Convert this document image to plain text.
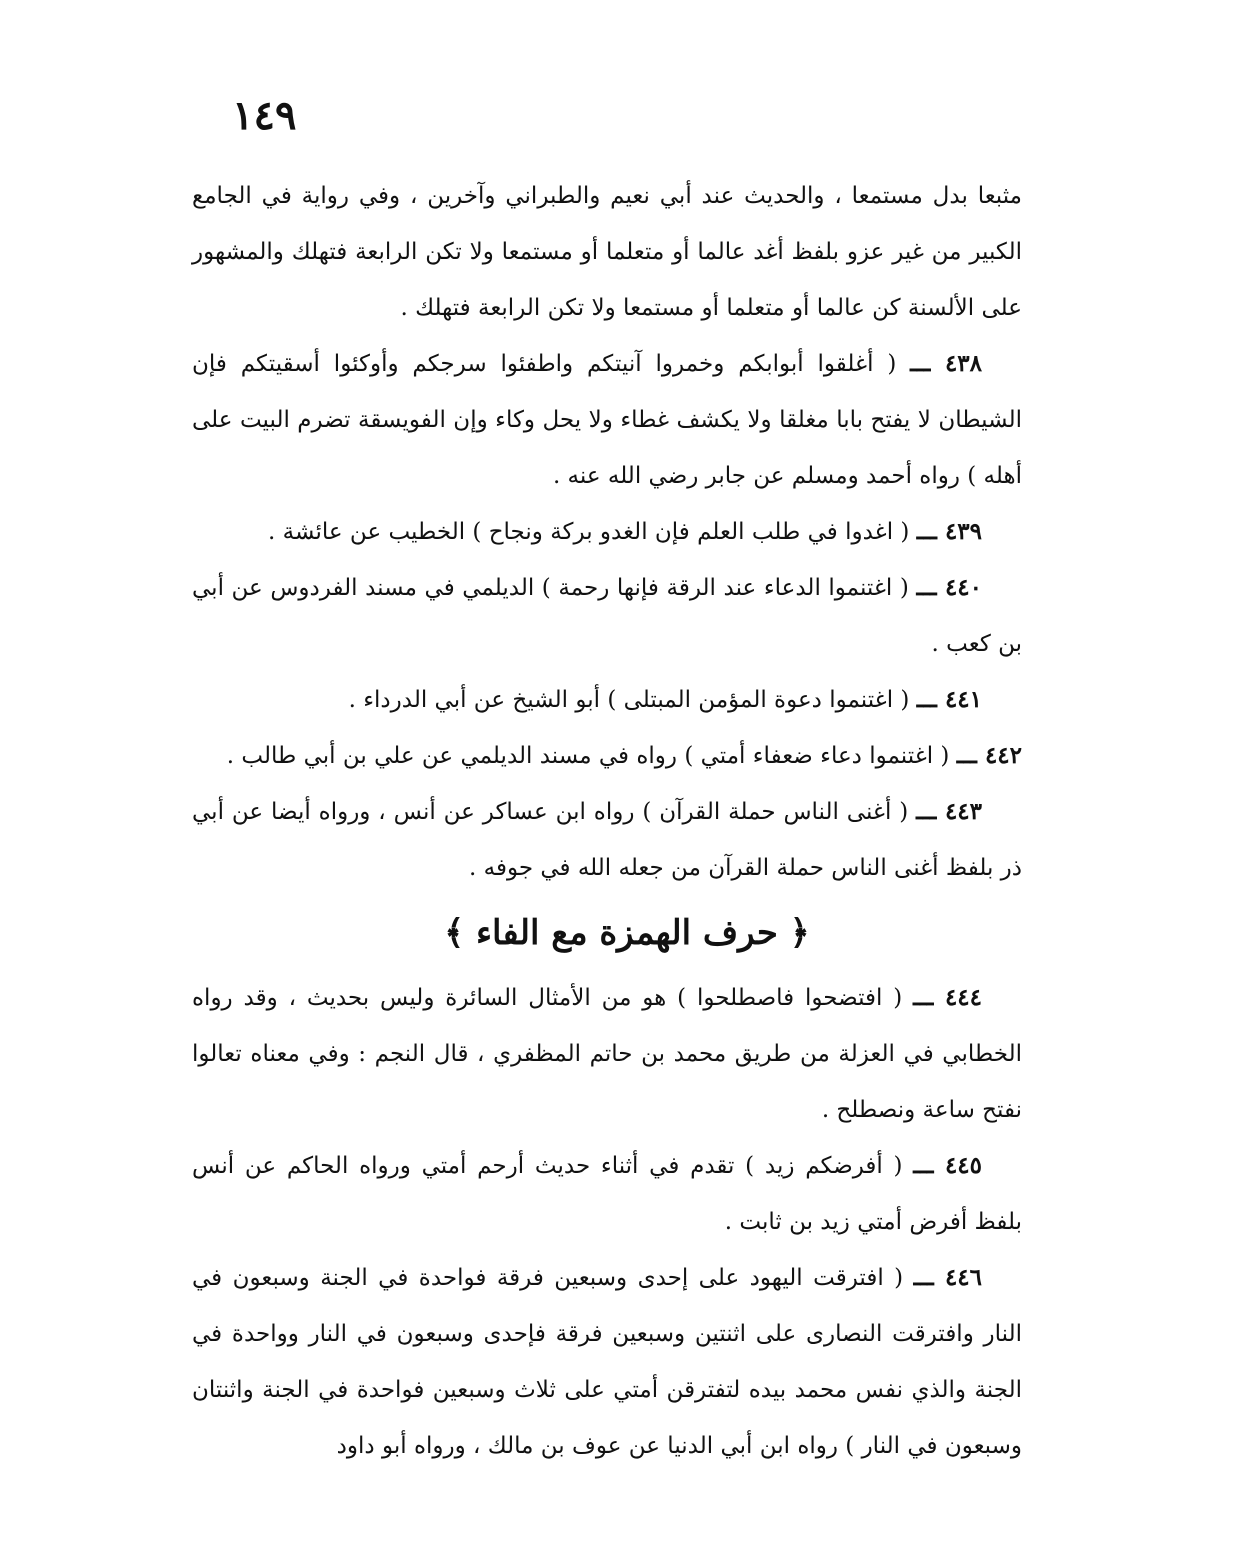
١٤٩

مثبعا بدل مستمعا ، والحديث عند أبي نعيم والطبراني وآخرين ، وفي رواية في الجامع الكبير من غير عزو بلفظ أغد عالما أو متعلما أو مستمعا ولا تكن الرابعة فتهلك والمشهور على الألسنة كن عالما أو متعلما أو مستمعا ولا تكن الرابعة فتهلك .

٤٣٨ ـــ ( أغلقوا أبوابكم وخمروا آنيتكم واطفئوا سرجكم وأوكئوا أسقيتكم فإن الشيطان لا يفتح بابا مغلقا ولا يكشف غطاء ولا يحل وكاء وإن الفويسقة تضرم البيت على أهله ) رواه أحمد ومسلم عن جابر رضي الله عنه .

٤٣٩ ـــ ( اغدوا في طلب العلم فإن الغدو بركة ونجاح ) الخطيب عن عائشة .

٤٤٠ ـــ ( اغتنموا الدعاء عند الرقة فإنها رحمة ) الديلمي في مسند الفردوس عن أبي بن كعب .

٤٤١ ـــ ( اغتنموا دعوة المؤمن المبتلى ) أبو الشيخ عن أبي الدرداء .

٤٤٢ ـــ ( اغتنموا دعاء ضعفاء أمتي ) رواه في مسند الديلمي عن علي بن أبي طالب .

٤٤٣ ـــ ( أغنى الناس حملة القرآن ) رواه ابن عساكر عن أنس ، ورواه أيضا عن أبي ذر بلفظ أغنى الناس حملة القرآن من جعله الله في جوفه .

﴿ حرف الهمزة مع الفاء ﴾

٤٤٤ ـــ ( افتضحوا فاصطلحوا ) هو من الأمثال السائرة وليس بحديث ، وقد رواه الخطابي في العزلة من طريق محمد بن حاتم المظفري ، قال النجم : وفي معناه تعالوا نفتح ساعة ونصطلح .

٤٤٥ ـــ ( أفرضكم زيد ) تقدم في أثناء حديث أرحم أمتي ورواه الحاكم عن أنس بلفظ أفرض أمتي زيد بن ثابت .

٤٤٦ ـــ ( افترقت اليهود على إحدى وسبعين فرقة فواحدة في الجنة وسبعون في النار وافترقت النصارى على اثنتين وسبعين فرقة فإحدى وسبعون في النار وواحدة في الجنة والذي نفس محمد بيده لتفترقن أمتي على ثلاث وسبعين فواحدة في الجنة واثنتان وسبعون في النار ) رواه ابن أبي الدنيا عن عوف بن مالك ، ورواه أبو داود
